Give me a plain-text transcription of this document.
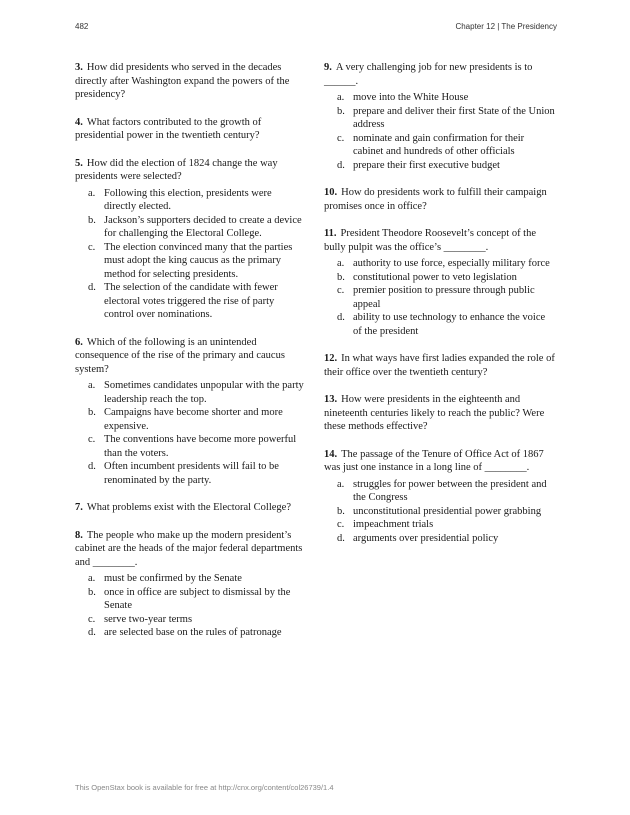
482	Chapter 12 | The Presidency
3. How did presidents who served in the decades directly after Washington expand the powers of the presidency?
4. What factors contributed to the growth of presidential power in the twentieth century?
5. How did the election of 1824 change the way presidents were selected?
a. Following this election, presidents were directly elected.
b. Jackson’s supporters decided to create a device for challenging the Electoral College.
c. The election convinced many that the parties must adopt the king caucus as the primary method for selecting presidents.
d. The selection of the candidate with fewer electoral votes triggered the rise of party control over nominations.
6. Which of the following is an unintended consequence of the rise of the primary and caucus system?
a. Sometimes candidates unpopular with the party leadership reach the top.
b. Campaigns have become shorter and more expensive.
c. The conventions have become more powerful than the voters.
d. Often incumbent presidents will fail to be renominated by the party.
7. What problems exist with the Electoral College?
8. The people who make up the modern president’s cabinet are the heads of the major federal departments and ________.
a. must be confirmed by the Senate
b. once in office are subject to dismissal by the Senate
c. serve two-year terms
d. are selected base on the rules of patronage
9. A very challenging job for new presidents is to ______.
a. move into the White House
b. prepare and deliver their first State of the Union address
c. nominate and gain confirmation for their cabinet and hundreds of other officials
d. prepare their first executive budget
10. How do presidents work to fulfill their campaign promises once in office?
11. President Theodore Roosevelt’s concept of the bully pulpit was the office’s ________.
a. authority to use force, especially military force
b. constitutional power to veto legislation
c. premier position to pressure through public appeal
d. ability to use technology to enhance the voice of the president
12. In what ways have first ladies expanded the role of their office over the twentieth century?
13. How were presidents in the eighteenth and nineteenth centuries likely to reach the public? Were these methods effective?
14. The passage of the Tenure of Office Act of 1867 was just one instance in a long line of ________.
a. struggles for power between the president and the Congress
b. unconstitutional presidential power grabbing
c. impeachment trials
d. arguments over presidential policy
This OpenStax book is available for free at http://cnx.org/content/col26739/1.4
